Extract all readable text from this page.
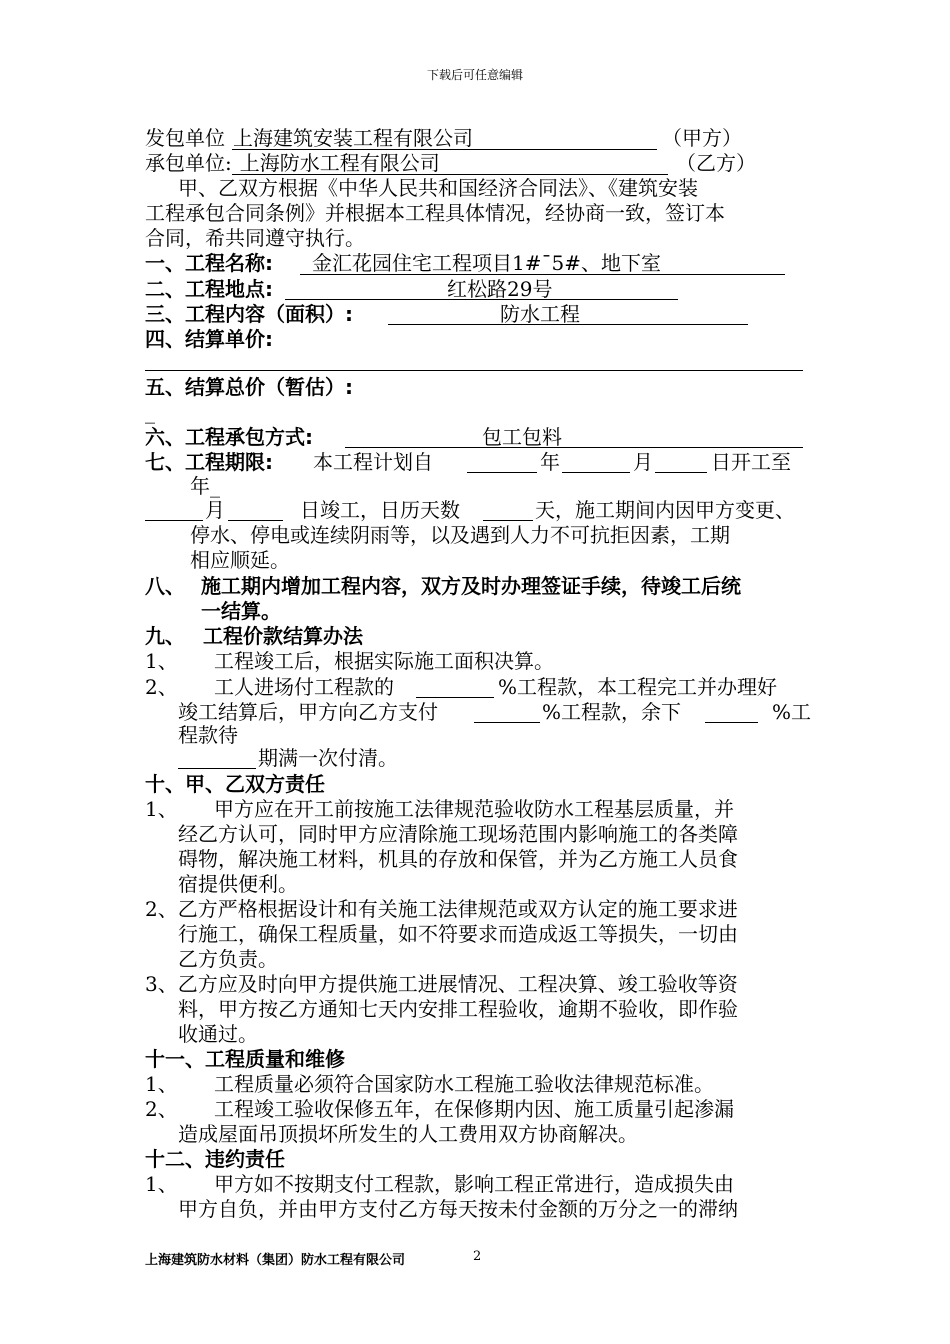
下载后可任意编辑
发包单位 上海建筑安装工程有限公司	（甲方）
承包单位: 上海防水工程有限公司	（乙方）
甲、乙双方根据《中华人民共和国经济合同法》、《建筑安装
工程承包合同条例》并根据本工程具体情况，经协商一致，签订本
合同，希共同遵守执行。
一、工程名称: 金汇花园住宅工程项目1#¯5#、地下室
二、工程地点:	红松路29号
三、工程内容（面积）:	防水工程
四、结算单价:
五、结算总价（暂估）:
_
六、工程承包方式:	包工包料
七、工程期限: 本工程计划自	年	月	日开工至
年_
月	日竣工，日历天数	天，施工期间内因甲方变更、
停水、停电或连续阴雨等，以及遇到人力不可抗拒因素，工期
相应顺延。
八、 施工期内增加工程内容，双方及时办理签证手续，待竣工后统
一结算。
九、 工程价款结算办法
1、 工程竣工后，根据实际施工面积决算。
2、 工人进场付工程款的	%工程款，本工程完工并办理好
竣工结算后，甲方向乙方支付	%工程款，余下	%工
程款待
期满一次付清。
十、甲、乙双方责任
1、 甲方应在开工前按施工法律规范验收防水工程基层质量，并
经乙方认可，同时甲方应清除施工现场范围内影响施工的各类障
碍物，解决施工材料，机具的存放和保管，并为乙方施工人员食
宿提供便利。
2、乙方严格根据设计和有关施工法律规范或双方认定的施工要求进
行施工，确保工程质量，如不符要求而造成返工等损失，一切由
乙方负责。
3、乙方应及时向甲方提供施工进展情况、工程决算、竣工验收等资
料，甲方按乙方通知七天内安排工程验收，逾期不验收，即作验
收通过。
十一、工程质量和维修
1、 工程质量必须符合国家防水工程施工验收法律规范标准。
2、 工程竣工验收保修五年，在保修期内因、施工质量引起渗漏
造成屋面吊顶损坏所发生的人工费用双方协商解决。
十二、违约责任
1、 甲方如不按期支付工程款，影响工程正常进行，造成损失由
甲方自负，并由甲方支付乙方每天按未付金额的万分之一的滞纳
上海建筑防水材料（集团）防水工程有限公司	2
